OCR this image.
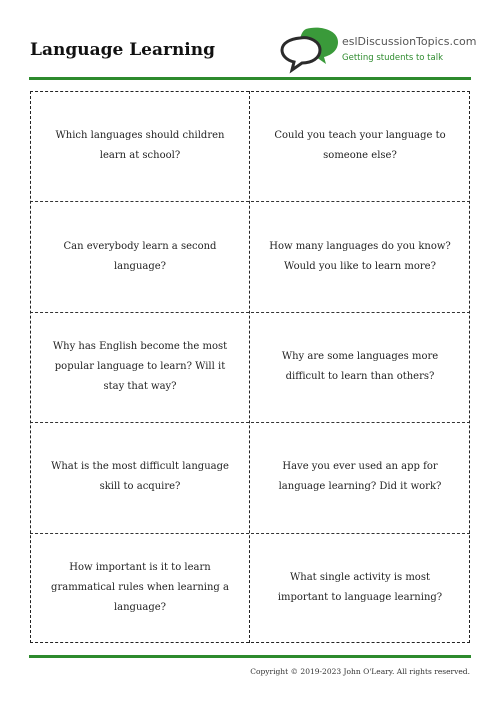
Language Learning	eslDiscussionTopics.com
Getting students to talk
Which languages should children learn at school?
Could you teach your language to someone else?
Can everybody learn a second language?
How many languages do you know? Would you like to learn more?
Why has English become the most popular language to learn? Will it stay that way?
Why are some languages more difficult to learn than others?
What is the most difficult language skill to acquire?
Have you ever used an app for language learning? Did it work?
How important is it to learn grammatical rules when learning a language?
What single activity is most important to language learning?
Copyright © 2019-2023 John O'Leary. All rights reserved.
